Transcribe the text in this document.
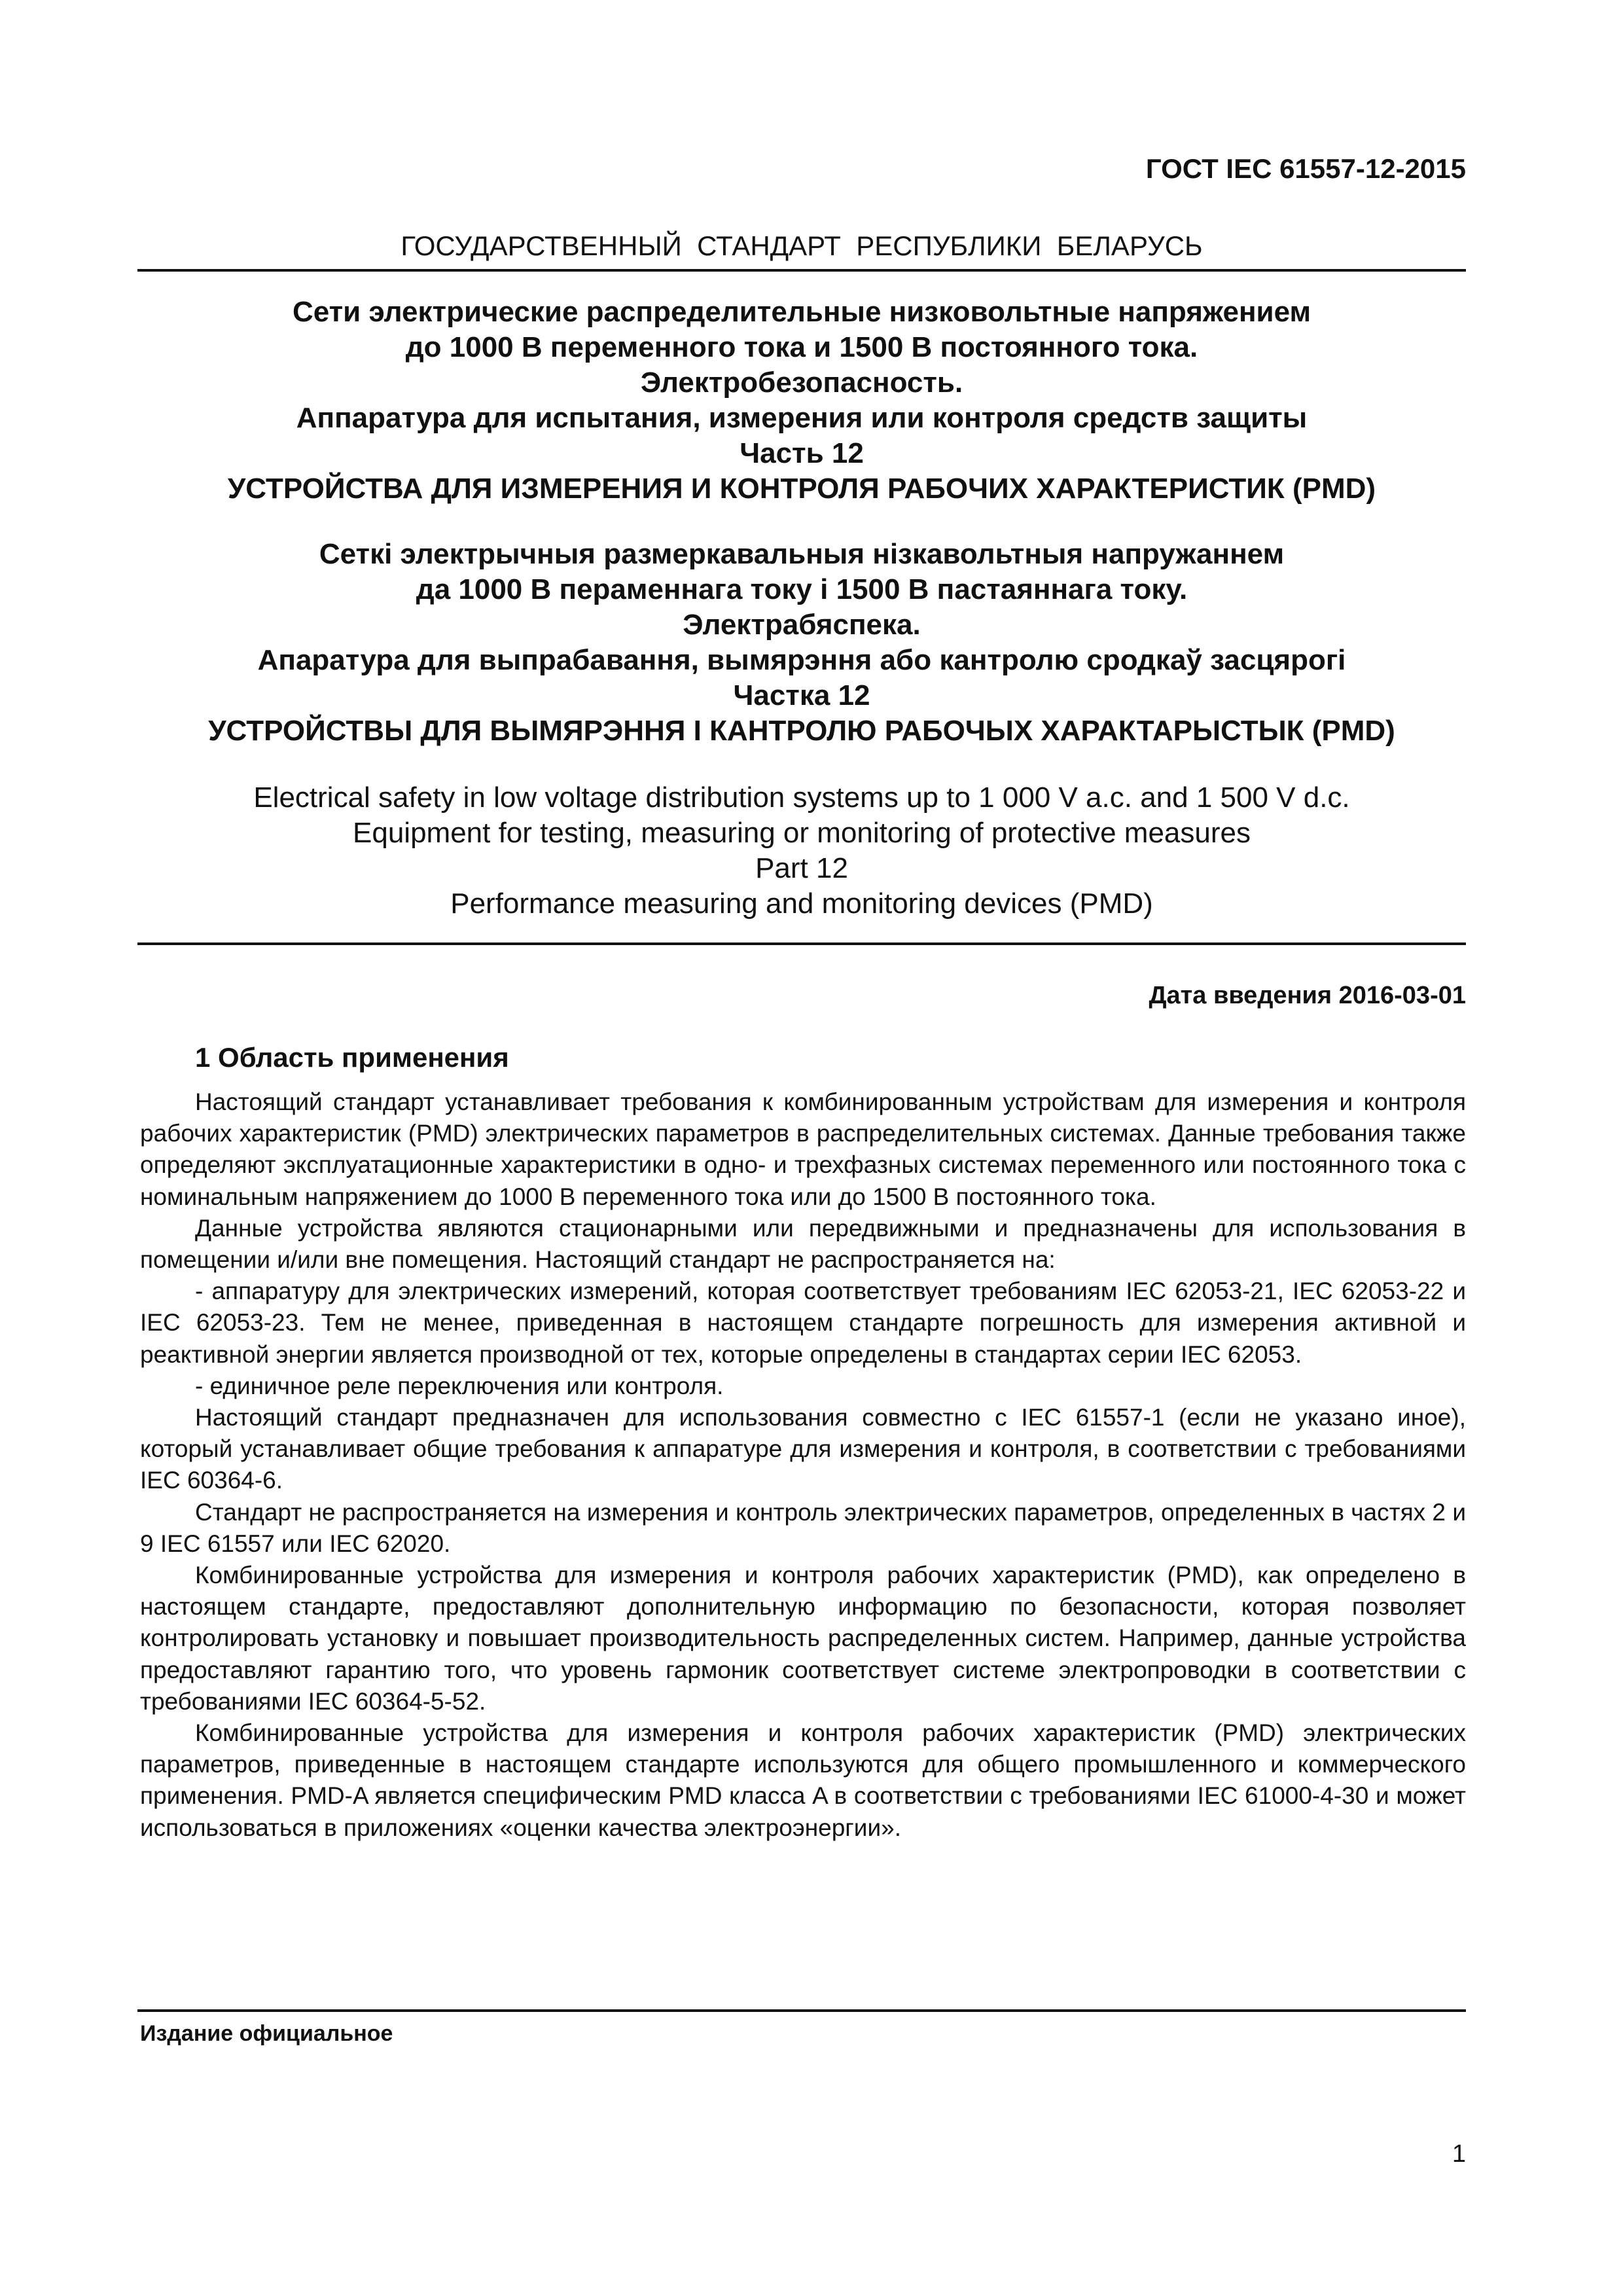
ГОСТ IEC 61557-12-2015
ГОСУДАРСТВЕННЫЙ  СТАНДАРТ  РЕСПУБЛИКИ  БЕЛАРУСЬ
Сети электрические распределительные низковольтные напряжением
до 1000 В переменного тока и 1500 В постоянного тока.
Электробезопасность.
Аппаратура для испытания, измерения или контроля средств защиты
Часть 12
УСТРОЙСТВА ДЛЯ ИЗМЕРЕНИЯ И КОНТРОЛЯ РАБОЧИХ ХАРАКТЕРИСТИК (PMD)
Сеткі электрычныя размеркавальныя нізкавольтныя напружаннем
да 1000 В пераменнага току і 1500 В пастаяннага току.
Электрабяспека.
Апаратура для выпрабавання, вымярэння або кантролю сродкаў засцярогі
Частка 12
УСТРОЙСТВЫ ДЛЯ ВЫМЯРЭННЯ І КАНТРОЛЮ РАБОЧЫХ ХАРАКТАРЫСТЫК (PMD)
Electrical safety in low voltage distribution systems up to 1 000 V a.c. and 1 500 V d.c.
Equipment for testing, measuring or monitoring of protective measures
Part 12
Performance measuring and monitoring devices (PMD)
Дата введения 2016-03-01
1 Область применения

Настоящий стандарт устанавливает требования к комбинированным устройствам для измерения и контроля рабочих характеристик (PMD) электрических параметров в распределительных системах. Данные требования также определяют эксплуатационные характеристики в одно- и трехфазных системах переменного или постоянного тока с номинальным напряжением до 1000 В переменного тока или до 1500 В постоянного тока.

Данные устройства являются стационарными или передвижными и предназначены для использования в помещении и/или вне помещения. Настоящий стандарт не распространяется на:

- аппаратуру для электрических измерений, которая соответствует требованиям IEC 62053-21, IEC 62053-22 и IEC 62053-23. Тем не менее, приведенная в настоящем стандарте погрешность для измерения активной и реактивной энергии является производной от тех, которые определены в стандартах серии IEC 62053.

- единичное реле переключения или контроля.

Настоящий стандарт предназначен для использования совместно с IEC 61557-1 (если не указано иное), который устанавливает общие требования к аппаратуре для измерения и контроля, в соответствии с требованиями IEC 60364-6.

Стандарт не распространяется на измерения и контроль электрических параметров, определенных в частях 2 и 9 IEC 61557 или IEC 62020.

Комбинированные устройства для измерения и контроля рабочих характеристик (PMD), как определено в настоящем стандарте, предоставляют дополнительную информацию по безопасности, которая позволяет контролировать установку и повышает производительность распределенных систем. Например, данные устройства предоставляют гарантию того, что уровень гармоник соответствует системе электропроводки в соответствии с требованиями IEC 60364-5-52.

Комбинированные устройства для измерения и контроля рабочих характеристик (PMD) электрических параметров, приведенные в настоящем стандарте используются для общего промышленного и коммерческого применения. PMD-A является специфическим PMD класса A в соответствии с требованиями IEC 61000-4-30 и может использоваться в приложениях «оценки качества электроэнергии».

Издание официальное
1
